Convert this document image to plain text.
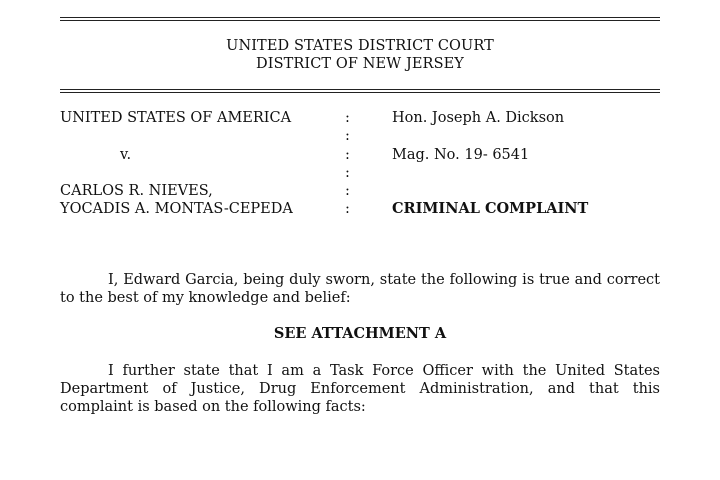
UNITED STATES DISTRICT COURT
DISTRICT OF NEW JERSEY
UNITED STATES OF AMERICA	:	Hon. Joseph A. Dickson
:
v.	:	Mag. No. 19- 6541
:
CARLOS R. NIEVES,	:
YOCADIS A. MONTAS-CEPEDA	:	CRIMINAL COMPLAINT
I, Edward Garcia, being duly sworn, state the following is true and correct
to the best of my knowledge and belief:
SEE ATTACHMENT A
I further state that I am a Task Force Officer with the United States
Department of Justice, Drug Enforcement Administration, and that this
complaint is based on the following facts:
